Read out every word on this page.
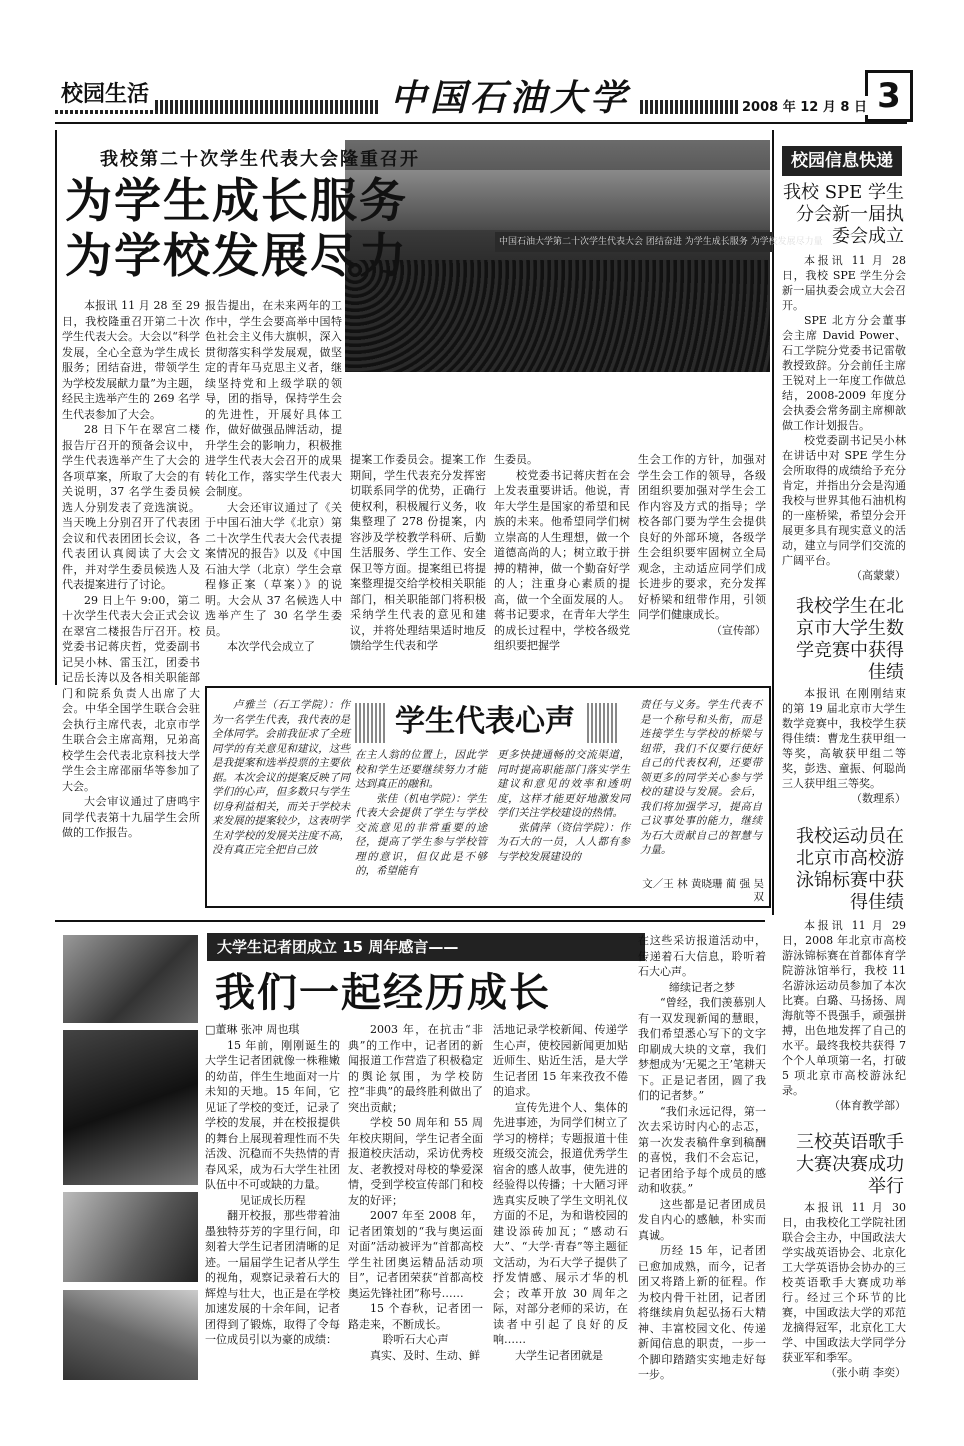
校园生活	中国石油大学	2008 年 12 月 8 日 3
中国石油大学第二十次学生代表大会 团结奋进 为学生成长服务 为学校发展尽力量
我校第二十次学生代表大会隆重召开
为学生成长服务
为学校发展尽力

本报讯 11 月 28 至 29 日，我校隆重召开第二十次学生代表大会。大会以“科学发展，全心全意为学生成长服务；团结奋进，带领学生为学校发展献力量”为主题，经民主选举产生的 269 名学生代表参加了大会。

28 日下午在翠宫二楼报告厅召开的预备会议中，学生代表选举产生了大会的各项草案，所取了大会的有关说明，37 名学生委员候选人分别发表了竞选演说。当天晚上分别召开了代表团会议和代表团团长会议，各代表团认真阅读了大会文件，并对学生委员候选人及代表提案进行了讨论。

29 日上午 9:00，第二十次学生代表大会正式会议在翠宫二楼报告厅召开。校党委书记蒋庆哲，党委副书记吴小林、雷玉江，团委书记岳长涛以及各相关职能部门和院系负责人出席了大会。中华全国学生联合会驻会执行主席代表，北京市学生联合会主席高翔，兄弟高校学生会代表北京科技大学学生会主席邵丽华等参加了大会。

大会审议通过了唐鸣宇同学代表第十九届学生会所做的工作报告。

报告提出，在未来两年的工作中，学生会要高举中国特色社会主义伟大旗帜，深入贯彻落实科学发展观，做坚定的青年马克思主义者，继续坚持党和上级学联的领导，团的指导，保持学生会的先进性，开展好具体工作，做好做强品牌活动，提升学生会的影响力，积极推进学生代表大会召开的成果转化工作，落实学生代表大会制度。

大会还审议通过了《关于中国石油大学《北京）第二十次学生代表大会代表提案情况的报告》以及《中国石油大学（北京）学生会章程修正案（草案）》的说明。大会从 37 名候选人中选举产生了 30 名学生委员。

本次学代会成立了

提案工作委员会。提案工作期间，学生代表充分发挥密切联系同学的优势，正确行使权利，积极履行义务，收集整理了 278 份提案，内容涉及学校教学科研、后勤生活服务、学生工作、安全保卫等方面。提案组已将提案整理提交给学校相关职能部门，相关职能部门将积极采纳学生代表的意见和建议，并将处理结果适时地反馈给学生代表和学

生委员。

校党委书记蒋庆哲在会上发表重要讲话。他说，青年大学生是国家的希望和民族的未来。他希望同学们树立崇高的人生理想，做一个道德高尚的人；树立敢于拼搏的精神，做一个勤奋好学的人；注重身心素质的提高，做一个全面发展的人。蒋书记要求，在青年大学生的成长过程中，学校各级党组织要把握学

生会工作的方针，加强对学生会工作的领导，各级团组织要加强对学生会工作内容及方式的指导；学校各部门要为学生会提供良好的外部环境，各级学生会组织要牢固树立全局观念，主动适应同学们成长进步的要求，充分发挥好桥梁和纽带作用，引领同学们健康成长。

（宣传部）
学生代表心声

卢雅兰（石工学院）：作为一名学生代表，我代表的是全体同学。会前我征求了全班同学的有关意见和建议，这些是我提案和选举投票的主要依据。本次会议的提案反映了同学们的心声，但多数只与学生切身利益相关，而关于学校未来发展的提案较少，这表明学生对学校的发展关注度不高，没有真正完全把自己放

在主人翁的位置上，因此学校和学生还要继续努力才能达到真正的融和。

张佳（机电学院）：学生代表大会提供了学生与学校交流意见的非常重要的途径，提高了学生参与学校管理的意识，但仅此是不够的，希望能有

更多快捷通畅的交流渠道，同时提高职能部门落实学生建议和意见的效率和透明度，这样才能更好地激发同学们关注学校建设的热情。

张倩萍（资信学院）：作为石大的一员，人人都有参与学校发展建设的

责任与义务。学生代表不是一个称号和头衔，而是连接学生与学校的桥梁与纽带，我们不仅要行使好自己的代表权利，还要带领更多的同学关心参与学校的建设与发展。会后，我们将加强学习，提高自己议事处事的能力，继续为石大贡献自己的智慧与力量。

文／王 林 黄晓珊 蔺 强 吴 双
校园信息快递
我校 SPE 学生分会新一届执委会成立

本报讯 11 月 28 日，我校 SPE 学生分会新一届执委会成立大会召开。

SPE 北方分会董事会主席 David Power、石工学院分党委书记雷敬教授致辞。分会前任主席王锐对上一年度工作做总结，2008-2009 年度分会执委会常务副主席柳歆做工作计划报告。

校党委副书记吴小林在讲话中对 SPE 学生分会所取得的成绩给予充分肯定，并指出分会是沟通我校与世界其他石油机构的一座桥梁，希望分会开展更多具有现实意义的活动，建立与同学们交流的广阔平台。

（高蒙蒙）
我校学生在北京市大学生数学竞赛中获得佳绩

本报讯 在刚刚结束的第 19 届北京市大学生数学竞赛中，我校学生获得佳绩：曹龙生获甲组一等奖，高敏获甲组二等奖，彭迭、童振、何聪尚三人获甲组三等奖。

（数理系）
我校运动员在北京市高校游泳锦标赛中获得佳绩

本报讯 11 月 29 日，2008 年北京市高校游泳锦标赛在首都体育学院游泳馆举行，我校 11 名游泳运动员参加了本次比赛。白璐、马扬扬、周海航等不畏强手，顽强拼搏，出色地发挥了自己的水平。最终我校共获得 7 个个人单项第一名，打破 5 项北京市高校游泳纪录。

（体育教学部）
三校英语歌手大赛决赛成功举行

本报讯 11 月 30 日，由我校化工学院社团联合会主办，中国政法大学实战英语协会、北京化工大学英语协会协办的三校英语歌手大赛成功举行。经过三个环节的比赛，中国政法大学的邓范龙摘得冠军，北京化工大学、中国政法大学同学分获亚军和季军。

（张小萌 李奕）
大学生记者团成立 15 周年感言——
我们一起经历成长
□董琳 张冲 周也琪

15 年前，刚刚诞生的大学生记者团就像一株稚嫩的幼苗，伴生生地面对一片未知的天地。15 年间，它见证了学校的变迁，记录了学校的发展，并在校报提供的舞台上展现着理性而不失活泼、沉稳而不失热情的青春风采，成为石大学生社团队伍中不可或缺的力量。

见证成长历程

翻开校报，那些带着油墨独特芬芳的字里行间，印刻着大学生记者团清晰的足迹。一届届学生记者从学生的视角，观察记录着石大的辉煌与壮大，也正是在学校加速发展的十余年间，记者团得到了锻炼，取得了令每一位成员引以为豪的成绩：

2003 年，在抗击“非典”的工作中，记者团的新闻报道工作营造了积极稳定的舆论氛围，为学校防控“非典”的最终胜利做出了突出贡献；

学校 50 周年和 55 周年校庆期间，学生记者全面报道校庆活动，采访优秀校友、老教授对母校的挚爱深情，受到学校宣传部门和校友的好评；

2007 年至 2008 年，记者团策划的“我与奥运面对面”活动被评为“首都高校学生社团奥运精品活动项目”，记者团荣获“首都高校奥运先锋社团”称号……

15 个春秋，记者团一路走来，不断成长。

聆听石大心声

真实、及时、生动、鲜

活地记录学校新闻、传递学生心声，使校园新闻更加贴近师生、贴近生活，是大学生记者团 15 年来孜孜不倦的追求。

宣传先进个人、集体的先进事迹，为同学们树立了学习的榜样；专题报道十佳班级交流会，报道优秀学生宿舍的感人故事，使先进的经验得以传播；十大陋习评选真实反映了学生文明礼仪方面的不足，为和谐校园的建设添砖加瓦；“感动石大”、“大学·青春”等主题征文活动，为石大学子提供了抒发情感、展示才华的机会；改革开放 30 周年之际，对部分老师的采访，在读者中引起了良好的反响……

大学生记者团就是

在这些采访报道活动中，传递着石大信息，聆听着石大心声。

缔续记者之梦

“曾经，我们羡慕别人有一双发现新闻的慧眼，我们希望悉心写下的文字印刷成大块的文章，我们梦想成为‘无冕之王’笔耕天下。正是记者团，圆了我们的记者梦。”

“我们永远记得，第一次去采访时内心的忐忑，第一次发表稿件拿到稿酬的喜悦，我们不会忘记，记者团给予每个成员的感动和收获。”

这些都是记者团成员发自内心的感触，朴实而真诚。

历经 15 年，记者团已愈加成熟，而今，记者团又将踏上新的征程。作为校内骨干社团，记者团将继续肩负起弘扬石大精神、丰富校园文化、传递新闻信息的职责，一步一个脚印踏踏实实地走好每一步。
